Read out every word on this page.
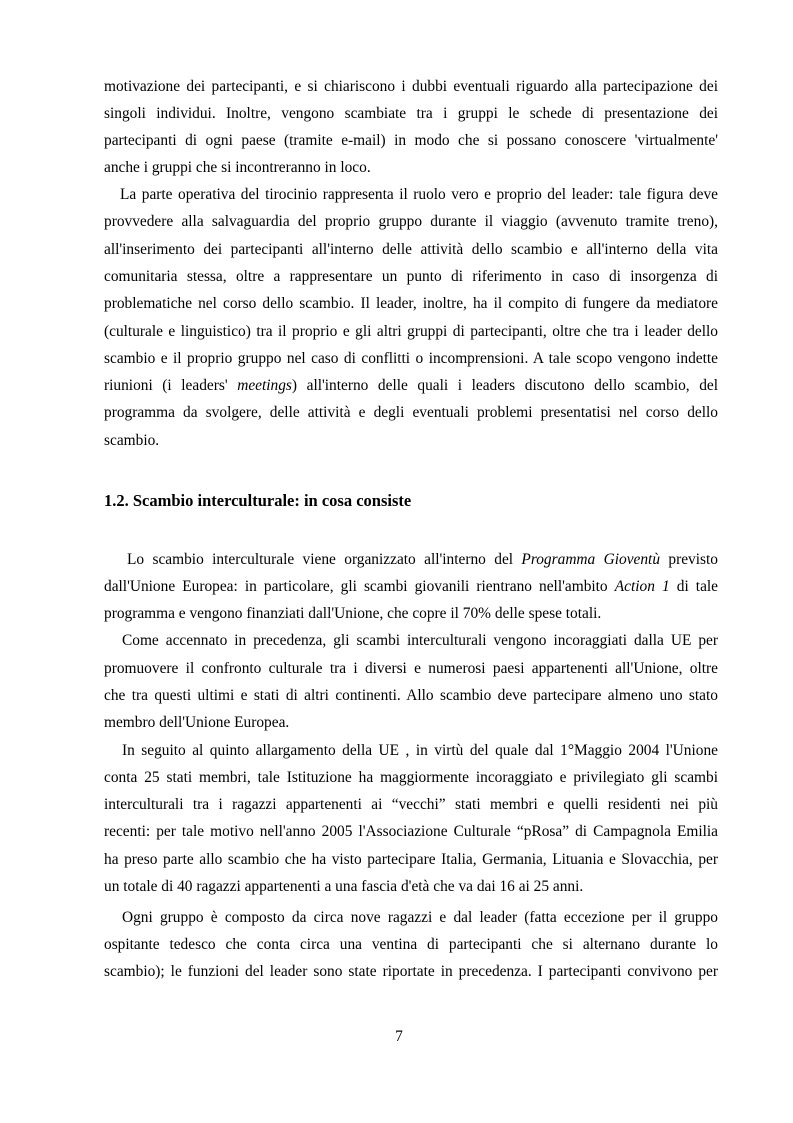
motivazione dei partecipanti, e si chiariscono i dubbi eventuali riguardo alla partecipazione dei
singoli individui. Inoltre, vengono scambiate tra i gruppi le schede di presentazione dei
partecipanti di ogni paese (tramite e-mail) in modo che si possano conoscere 'virtualmente'
anche i gruppi che si incontreranno in loco.
La parte operativa del tirocinio rappresenta il ruolo vero e proprio del leader: tale figura deve
provvedere alla salvaguardia del proprio gruppo durante il viaggio (avvenuto tramite treno),
all'inserimento dei partecipanti all'interno delle attività dello scambio e all'interno della vita
comunitaria stessa, oltre a rappresentare un punto di riferimento in caso di insorgenza di
problematiche nel corso dello scambio. Il leader, inoltre, ha il compito di fungere da mediatore
(culturale e linguistico) tra il proprio e gli altri gruppi di partecipanti, oltre che tra i leader dello
scambio e il proprio gruppo nel caso di conflitti o incomprensioni. A tale scopo vengono indette
riunioni (i leaders' meetings) all'interno delle quali i leaders discutono dello scambio, del
programma da svolgere, delle attività e degli eventuali problemi presentatisi nel corso dello
scambio.
1.2. Scambio interculturale: in cosa consiste
Lo scambio interculturale viene organizzato all'interno del Programma Gioventù previsto
dall'Unione Europea: in particolare, gli scambi giovanili rientrano nell'ambito Action 1 di tale
programma e vengono finanziati dall'Unione, che copre il 70% delle spese totali.
Come accennato in precedenza, gli scambi interculturali vengono incoraggiati dalla UE per
promuovere il confronto culturale tra i diversi e numerosi paesi appartenenti all'Unione, oltre
che tra questi ultimi e stati di altri continenti. Allo scambio deve partecipare almeno uno stato
membro dell'Unione Europea.
In seguito al quinto allargamento della UE , in virtù del quale dal 1°Maggio 2004 l'Unione
conta 25 stati membri, tale Istituzione ha maggiormente incoraggiato e privilegiato gli scambi
interculturali tra i ragazzi appartenenti ai “vecchi” stati membri e quelli residenti nei più
recenti: per tale motivo nell'anno 2005 l'Associazione Culturale “pRosa” di Campagnola Emilia
ha preso parte allo scambio che ha visto partecipare Italia, Germania, Lituania e Slovacchia, per
un totale di 40 ragazzi appartenenti a una fascia d'età che va dai 16 ai 25 anni.
Ogni gruppo è composto da circa nove ragazzi e dal leader (fatta eccezione per il gruppo
ospitante tedesco che conta circa una ventina di partecipanti che si alternano durante lo
scambio); le funzioni del leader sono state riportate in precedenza. I partecipanti convivono per
7
